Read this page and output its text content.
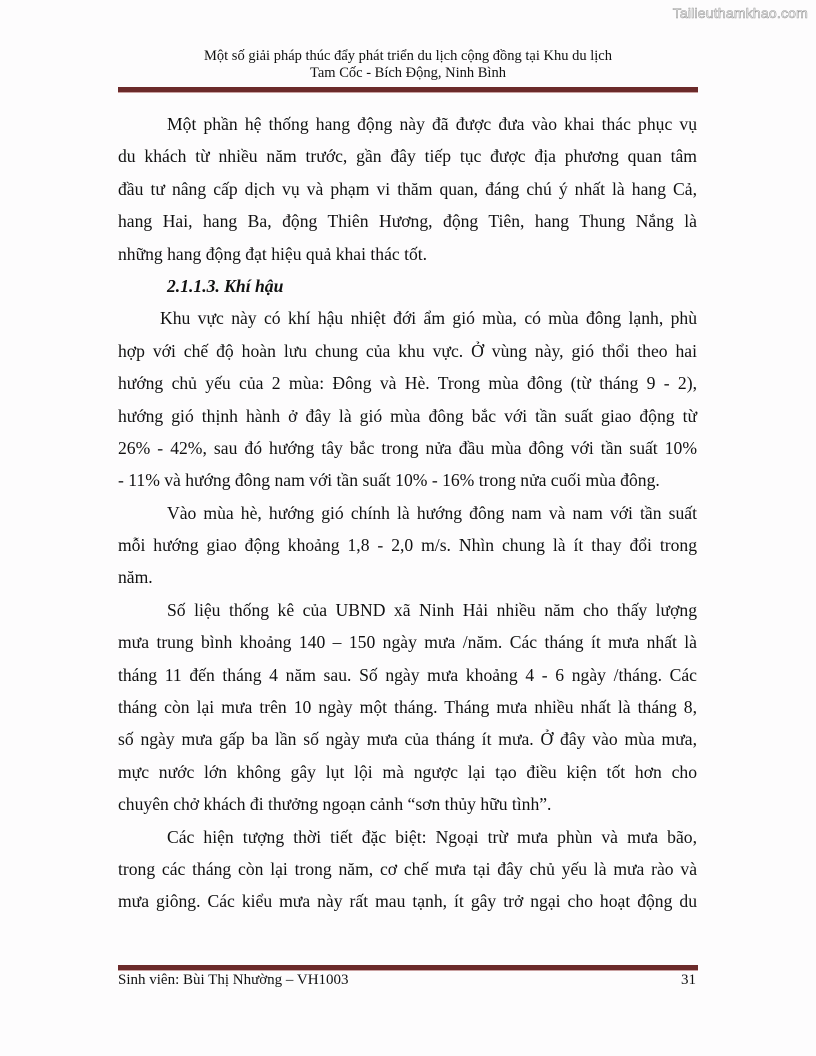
Tailieuthamkhao.com
Một số giải pháp thúc đẩy phát triển du lịch cộng đồng tại Khu du lịch
Tam Cốc - Bích Động, Ninh Bình
Một phần hệ thống hang động này đã được đưa vào khai thác phục vụ
du khách từ nhiều năm trước, gần đây tiếp tục được địa phương quan tâm
đầu tư nâng cấp dịch vụ và phạm vi thăm quan, đáng chú ý nhất là hang Cả,
hang Hai, hang Ba, động Thiên Hương, động Tiên, hang Thung Nắng là
những hang động đạt hiệu quả khai thác tốt.
2.1.1.3. Khí hậu
Khu vực này có khí hậu nhiệt đới ẩm gió mùa, có mùa đông lạnh, phù
hợp với chế độ hoàn lưu chung của khu vực. Ở vùng này, gió thổi theo hai
hướng chủ yếu của 2 mùa: Đông và Hè. Trong mùa đông (từ tháng 9 - 2),
hướng gió thịnh hành ở đây là gió mùa đông bắc với tần suất giao động từ
26% - 42%, sau đó hướng tây bắc trong nửa đầu mùa đông với tần suất 10%
- 11% và hướng đông nam với tần suất 10% - 16% trong nửa cuối mùa đông.
Vào mùa hè, hướng gió chính là hướng đông nam và nam với tần suất
mỗi hướng giao động khoảng 1,8 - 2,0 m/s. Nhìn chung là ít thay đổi trong
năm.
Số liệu thống kê của UBND xã Ninh Hải nhiều năm cho thấy lượng
mưa trung bình khoảng 140 – 150 ngày mưa /năm. Các tháng ít mưa nhất là
tháng 11 đến tháng 4 năm sau. Số ngày mưa khoảng 4 - 6 ngày /tháng. Các
tháng còn lại mưa trên 10 ngày một tháng. Tháng mưa nhiều nhất là tháng 8,
số ngày mưa gấp ba lần số ngày mưa của tháng ít mưa. Ở đây vào mùa mưa,
mực nước lớn không gây lụt lội mà ngược lại tạo điều kiện tốt hơn cho
chuyên chở khách đi thưởng ngoạn cảnh “sơn thủy hữu tình”.
Các hiện tượng thời tiết đặc biệt: Ngoại trừ mưa phùn và mưa bão,
trong các tháng còn lại trong năm, cơ chế mưa tại đây chủ yếu là mưa rào và
mưa giông. Các kiểu mưa này rất mau tạnh, ít gây trở ngại cho hoạt động du
Sinh viên: Bùi Thị Nhường – VH1003	31
